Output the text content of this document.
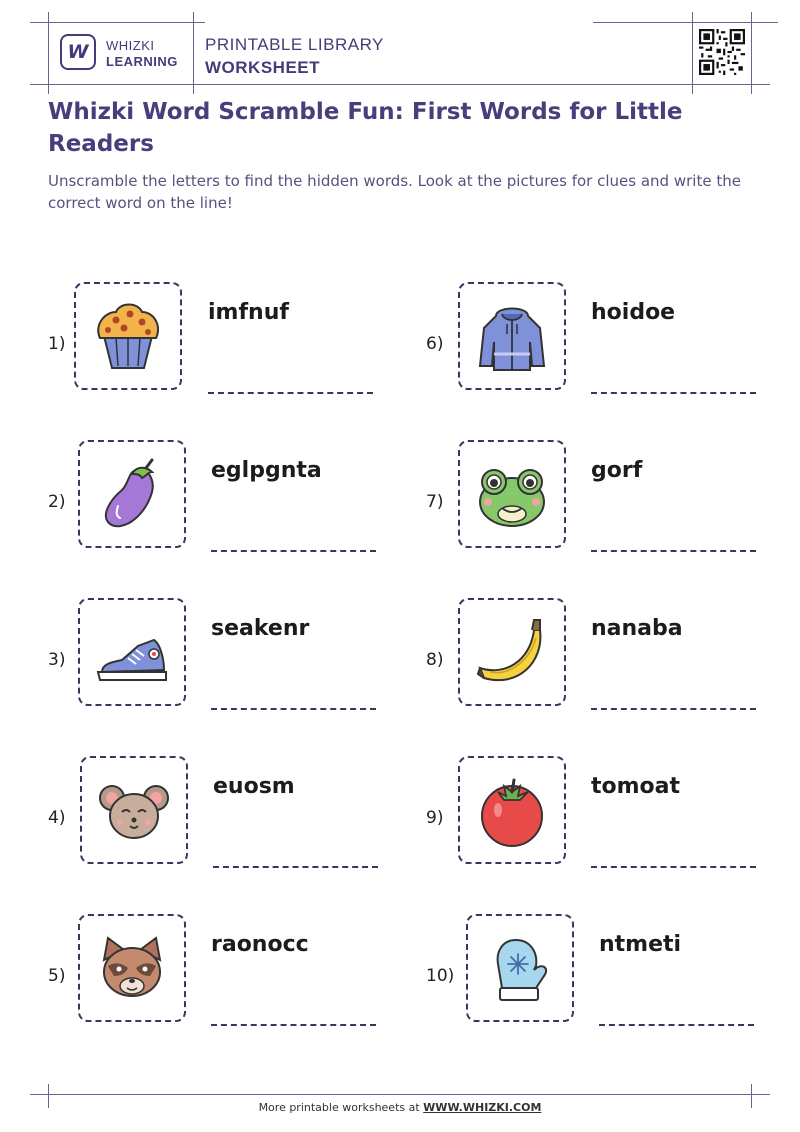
W WHIZKI
LEARNING
PRINTABLE LIBRARY
WORKSHEET
Whizki Word Scramble Fun: First Words for Little Readers
Unscramble the letters to find the hidden words. Look at the pictures for clues and write the correct word on the line!
1)
imfnuf
2)
eglpgnta
3)
seakenr
4)
euosm
5)
raonocc
6)
hoidoe
7)
gorf
8)
nanaba
9)
tomoat
10)
ntmeti
More printable worksheets at WWW.WHIZKI.COM
